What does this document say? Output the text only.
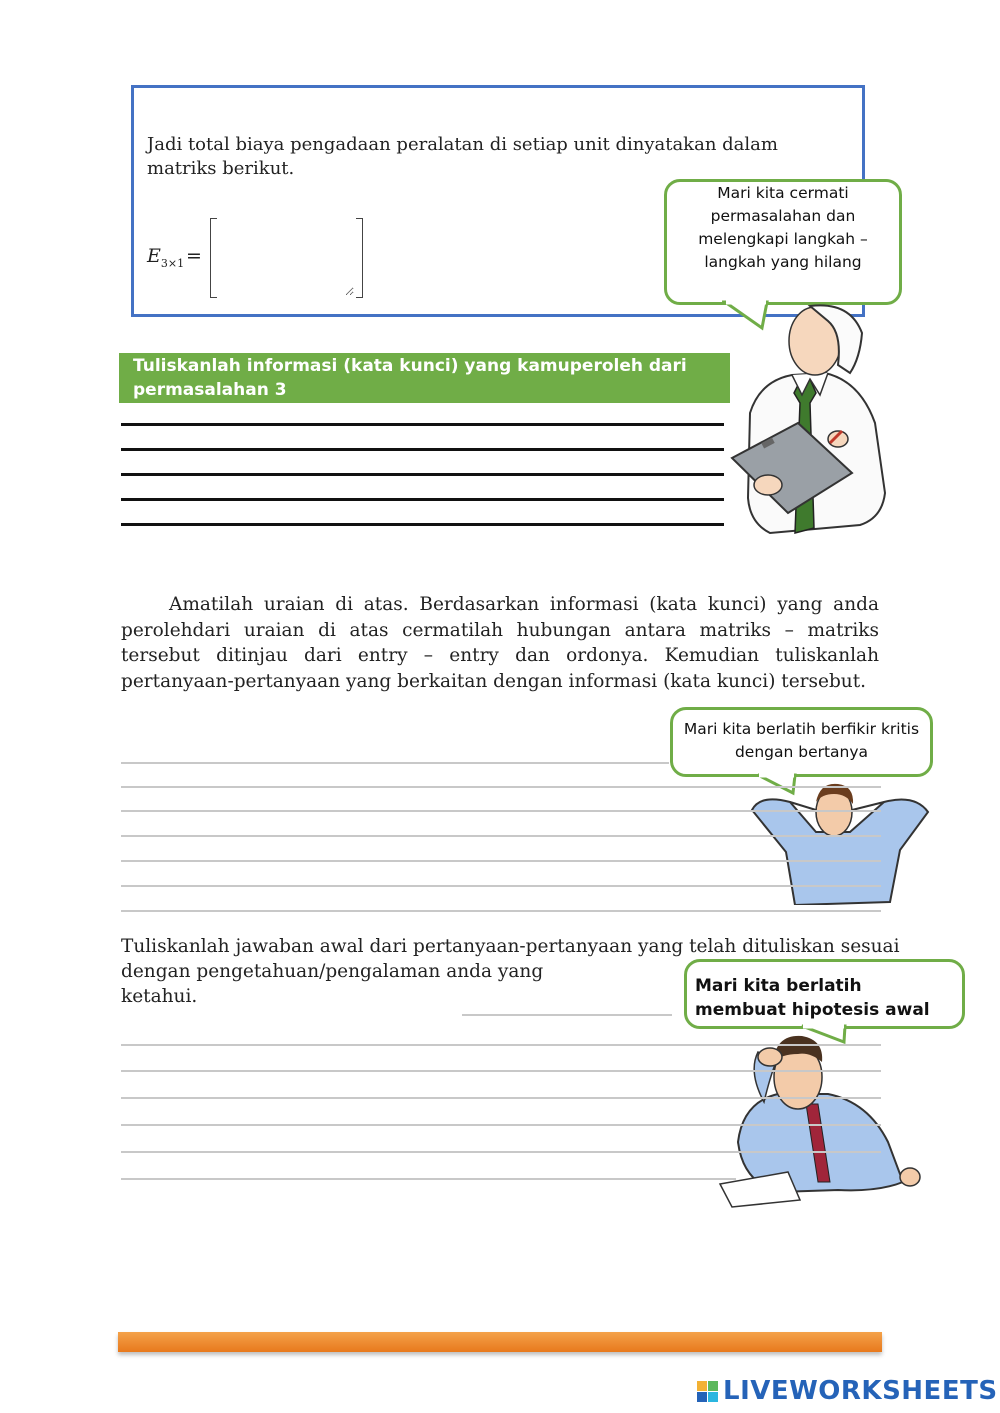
Jadi total biaya pengadaan peralatan di setiap unit dinyatakan dalam matriks berikut.
$E_{3\times 1}$ =
Mari kita cermati permasalahan dan melengkapi langkah – langkah yang hilang
Tuliskanlah informasi (kata kunci) yang kamuperoleh dari permasalahan 3
Amatilah uraian di atas. Berdasarkan informasi (kata kunci) yang anda perolehdari uraian di atas cermatilah hubungan antara matriks – matriks tersebut ditinjau dari entry – entry dan ordonya. Kemudian tuliskanlah pertanyaan-pertanyaan yang berkaitan dengan informasi (kata kunci) tersebut.
Mari kita berlatih berfikir kritis dengan bertanya
Tuliskanlah jawaban awal dari pertanyaan-pertanyaan yang telah dituliskan sesuai
dengan pengetahuan/pengalaman anda yang
ketahui.	Mari kita berlatih membuat hipotesis awal
LIVEWORKSHEETS
